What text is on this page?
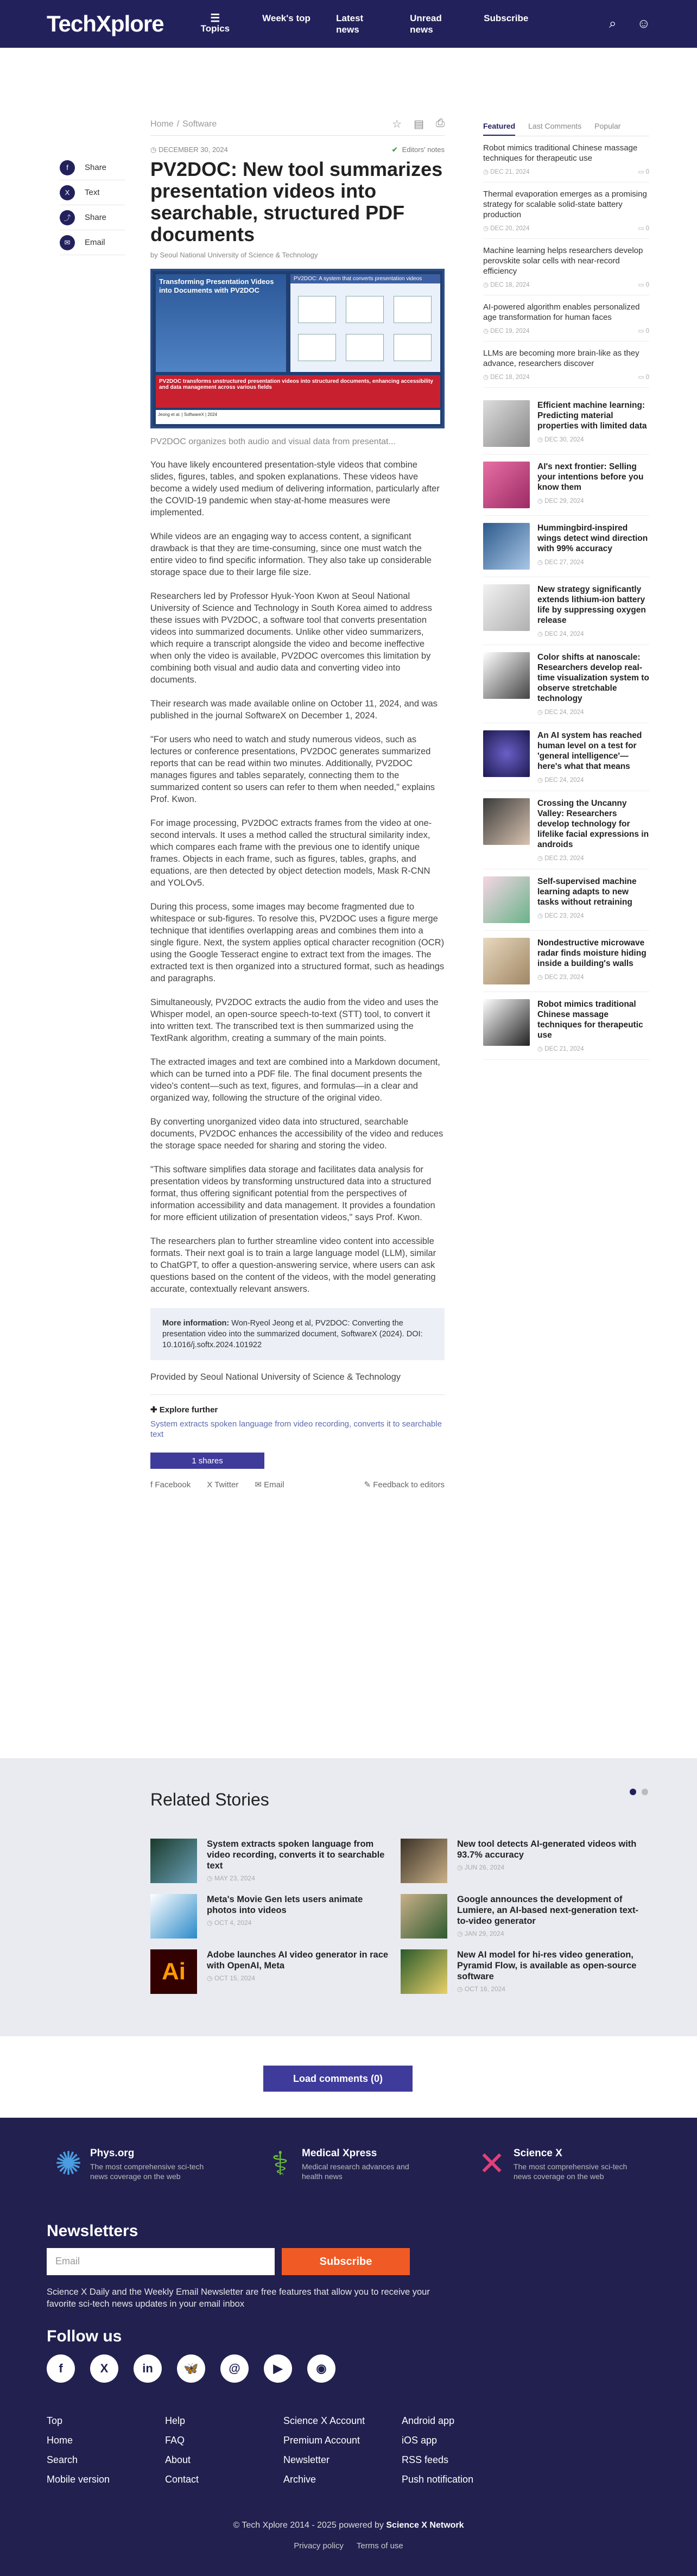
TechXplore	☰
Topics
Week's top	Latest news
Unread news
Subscribe	⌕ ☺
f	Share
X	Text
⤴	Share
✉	Email
Home / Software	☆ ▤ ⎙
◷ DECEMBER 30, 2024	✔ Editors' notes
PV2DOC: New tool summarizes presentation videos into searchable, structured PDF documents
by Seoul National University of Science & Technology
Transforming Presentation Videos into Documents with PV2DOC
PV2DOC: A system that converts presentation videos
PV2DOC transforms unstructured presentation videos into structured documents, enhancing accessibility and data management across various fields
Jeong et al. | SoftwareX | 2024
PV2DOC organizes both audio and visual data from presentat...

You have likely encountered presentation-style videos that combine slides, figures, tables, and spoken explanations. These videos have become a widely used medium of delivering information, particularly after the COVID-19 pandemic when stay-at-home measures were implemented.

While videos are an engaging way to access content, a significant drawback is that they are time-consuming, since one must watch the entire video to find specific information. They also take up considerable storage space due to their large file size.

Researchers led by Professor Hyuk-Yoon Kwon at Seoul National University of Science and Technology in South Korea aimed to address these issues with PV2DOC, a software tool that converts presentation videos into summarized documents. Unlike other video summarizers, which require a transcript alongside the video and become ineffective when only the video is available, PV2DOC overcomes this limitation by combining both visual and audio data and converting video into documents.

Their research was made available online on October 11, 2024, and was published in the journal SoftwareX on December 1, 2024.

"For users who need to watch and study numerous videos, such as lectures or conference presentations, PV2DOC generates summarized reports that can be read within two minutes. Additionally, PV2DOC manages figures and tables separately, connecting them to the summarized content so users can refer to them when needed," explains Prof. Kwon.

For image processing, PV2DOC extracts frames from the video at one-second intervals. It uses a method called the structural similarity index, which compares each frame with the previous one to identify unique frames. Objects in each frame, such as figures, tables, graphs, and equations, are then detected by object detection models, Mask R-CNN and YOLOv5.

During this process, some images may become fragmented due to whitespace or sub-figures. To resolve this, PV2DOC uses a figure merge technique that identifies overlapping areas and combines them into a single figure. Next, the system applies optical character recognition (OCR) using the Google Tesseract engine to extract text from the images. The extracted text is then organized into a structured format, such as headings and paragraphs.

Simultaneously, PV2DOC extracts the audio from the video and uses the Whisper model, an open-source speech-to-text (STT) tool, to convert it into written text. The transcribed text is then summarized using the TextRank algorithm, creating a summary of the main points.

The extracted images and text are combined into a Markdown document, which can be turned into a PDF file. The final document presents the video's content—such as text, figures, and formulas—in a clear and organized way, following the structure of the original video.

By converting unorganized video data into structured, searchable documents, PV2DOC enhances the accessibility of the video and reduces the storage space needed for sharing and storing the video.

"This software simplifies data storage and facilitates data analysis for presentation videos by transforming unstructured data into a structured format, thus offering significant potential from the perspectives of information accessibility and data management. It provides a foundation for more efficient utilization of presentation videos," says Prof. Kwon.

The researchers plan to further streamline video content into accessible formats. Their next goal is to train a large language model (LLM), similar to ChatGPT, to offer a question-answering service, where users can ask questions based on the content of the videos, with the model generating accurate, contextually relevant answers.

More information: Won-Ryeol Jeong et al, PV2DOC: Converting the presentation video into the summarized document, SoftwareX (2024). DOI: 10.1016/j.softx.2024.101922
Provided by Seoul National University of Science & Technology
✚ Explore further
System extracts spoken language from video recording, converts it to searchable text
1 shares
f Facebook X Twitter ✉ Email	✎ Feedback to editors
Featured Last Comments Popular
Robot mimics traditional Chinese massage techniques for therapeutic use
◷ DEC 21, 2024	▭ 0
Thermal evaporation emerges as a promising strategy for scalable solid-state battery production
◷ DEC 20, 2024	▭ 0
Machine learning helps researchers develop perovskite solar cells with near-record efficiency
◷ DEC 18, 2024	▭ 0
AI-powered algorithm enables personalized age transformation for human faces
◷ DEC 19, 2024	▭ 0
LLMs are becoming more brain-like as they advance, researchers discover
◷ DEC 18, 2024	▭ 0
Efficient machine learning: Predicting material properties with limited data
◷ DEC 30, 2024
AI's next frontier: Selling your intentions before you know them
◷ DEC 29, 2024
Hummingbird-inspired wings detect wind direction with 99% accuracy
◷ DEC 27, 2024
New strategy significantly extends lithium-ion battery life by suppressing oxygen release
◷ DEC 24, 2024
Color shifts at nanoscale: Researchers develop real-time visualization system to observe stretchable technology
◷ DEC 24, 2024
An AI system has reached human level on a test for 'general intelligence'—here's what that means
◷ DEC 24, 2024
Crossing the Uncanny Valley: Researchers develop technology for lifelike facial expressions in androids
◷ DEC 23, 2024
Self-supervised machine learning adapts to new tasks without retraining
◷ DEC 23, 2024
Nondestructive microwave radar finds moisture hiding inside a building's walls
◷ DEC 23, 2024
Robot mimics traditional Chinese massage techniques for therapeutic use
◷ DEC 21, 2024
Related Stories
System extracts spoken language from video recording, converts it to searchable text
◷ MAY 23, 2024
New tool detects AI-generated videos with 93.7% accuracy
◷ JUN 26, 2024
Meta's Movie Gen lets users animate photos into videos
◷ OCT 4, 2024
Google announces the development of Lumiere, an AI-based next-generation text-to-video generator
◷ JAN 29, 2024
Ai
Adobe launches AI video generator in race with OpenAI, Meta
◷ OCT 15, 2024
New AI model for hi-res video generation, Pyramid Flow, is available as open-source software
◷ OCT 16, 2024
Load comments (0)
✺ Phys.org
The most comprehensive sci-tech news coverage on the web	⚕	Medical Xpress
Medical research advances and health news	✕ Science X
The most comprehensive sci-tech news coverage on the web
Newsletters
Email	Subscribe
Science X Daily and the Weekly Email Newsletter are free features that allow you to receive your favorite sci-tech news updates in your email inbox
Follow us
f	X	in	🦋	@	▶	◉
Top
Home
Search
Mobile version
Help
FAQ
About
Contact
Science X Account
Premium Account
Newsletter
Archive
Android app
iOS app
RSS feeds
Push notification
© Tech Xplore 2014 - 2025 powered by Science X Network
Privacy policy Terms of use
